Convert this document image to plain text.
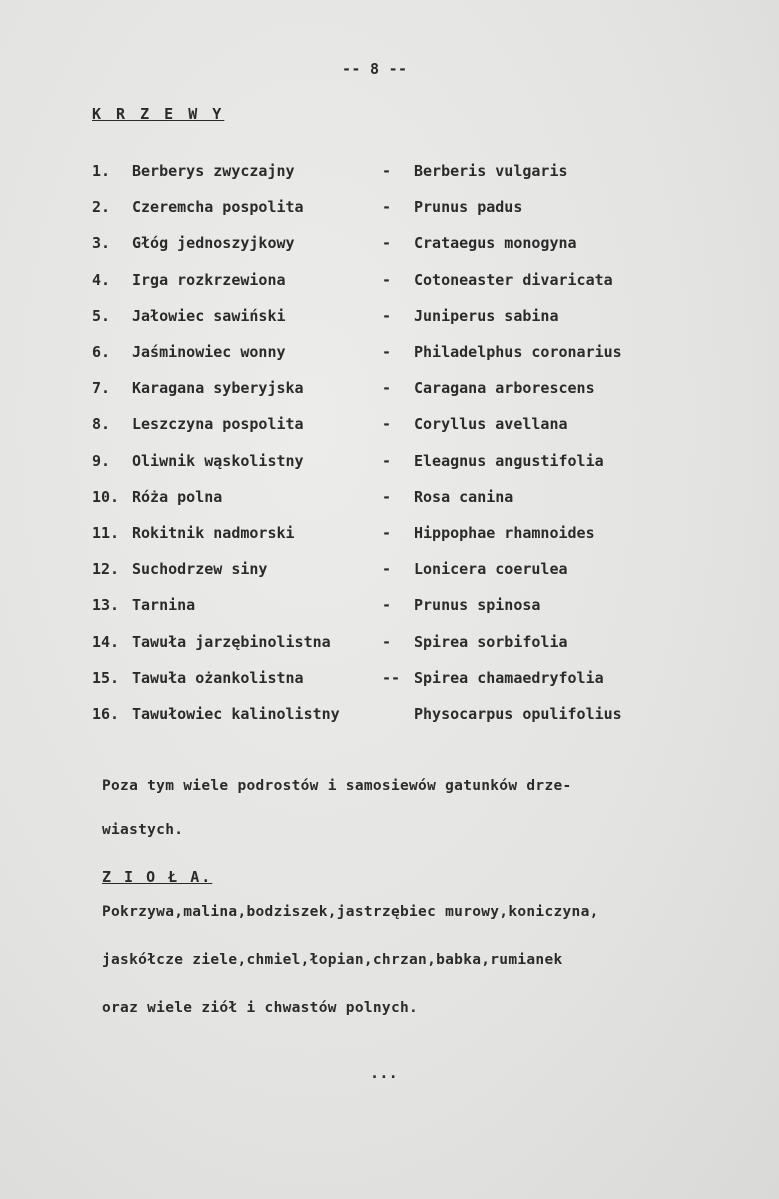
-- 8 --
K R Z E W Y
1. Berberys zwyczajny	- Berberis vulgaris
2. Czeremcha pospolita	- Prunus padus
3. Głóg jednoszyjkowy	- Crataegus monogyna
4. Irga rozkrzewiona	- Cotoneaster divaricata
5. Jałowiec sawiński	- Juniperus sabina
6. Jaśminowiec wonny	- Philadelphus coronarius
7. Karagana syberyjska	- Caragana arborescens
8. Leszczyna pospolita	- Coryllus avellana
9. Oliwnik wąskolistny	- Eleagnus angustifolia
10. Róża polna	- Rosa canina
11. Rokitnik nadmorski	- Hippophae rhamnoides
12. Suchodrzew siny	- Lonicera coerulea
13. Tarnina	- Prunus spinosa
14. Tawuła jarzębinolistna	- Spirea sorbifolia
15. Tawuła ożankolistna	-- Spirea chamaedryfolia
16. Tawułowiec kalinolistny	Physocarpus opulifolius
Poza tym wiele podrostów i samosiewów gatunków drze-
wiastych.
Z I O Ł A.
Pokrzywa,malina,bodziszek,jastrzębiec murowy,koniczyna,
jaskółcze ziele,chmiel,łopian,chrzan,babka,rumianek
oraz wiele ziół i chwastów polnych.
...
